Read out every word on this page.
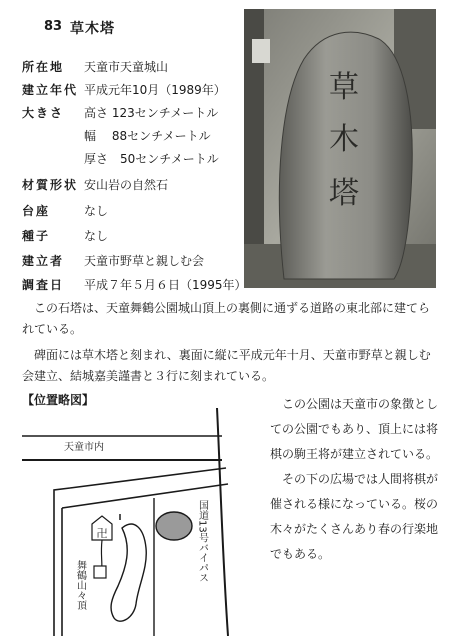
83 草木塔
草
木
塔
所在地 天童市天童城山
建立年代 平成元年10月（1989年）
大きさ 高さ 123センチメートル
幅　 88センチメートル
厚さ　50センチメートル
材質形状 安山岩の自然石
台座	なし
種子	なし
建立者 天童市野草と親しむ会
調査日 平成７年５月６日（1995年）
この石塔は、天童舞鶴公園城山頂上の裏側に通ずる道路の東北部に建てら
れている。
碑面には草木塔と刻まれ、裏面に縦に平成元年十月、天童市野草と親しむ
会建立、結城嘉美謹書と３行に刻まれている。
【位置略図】
卍
天童市内
国道13号バイパス
舞鶴山々頂
この公園は天童市の象徴とし
ての公園でもあり、頂上には将
棋の駒王将が建立されている。
その下の広場では人間将棋が
催される様になっている。桜の
木々がたくさんあり春の行楽地
でもある。
